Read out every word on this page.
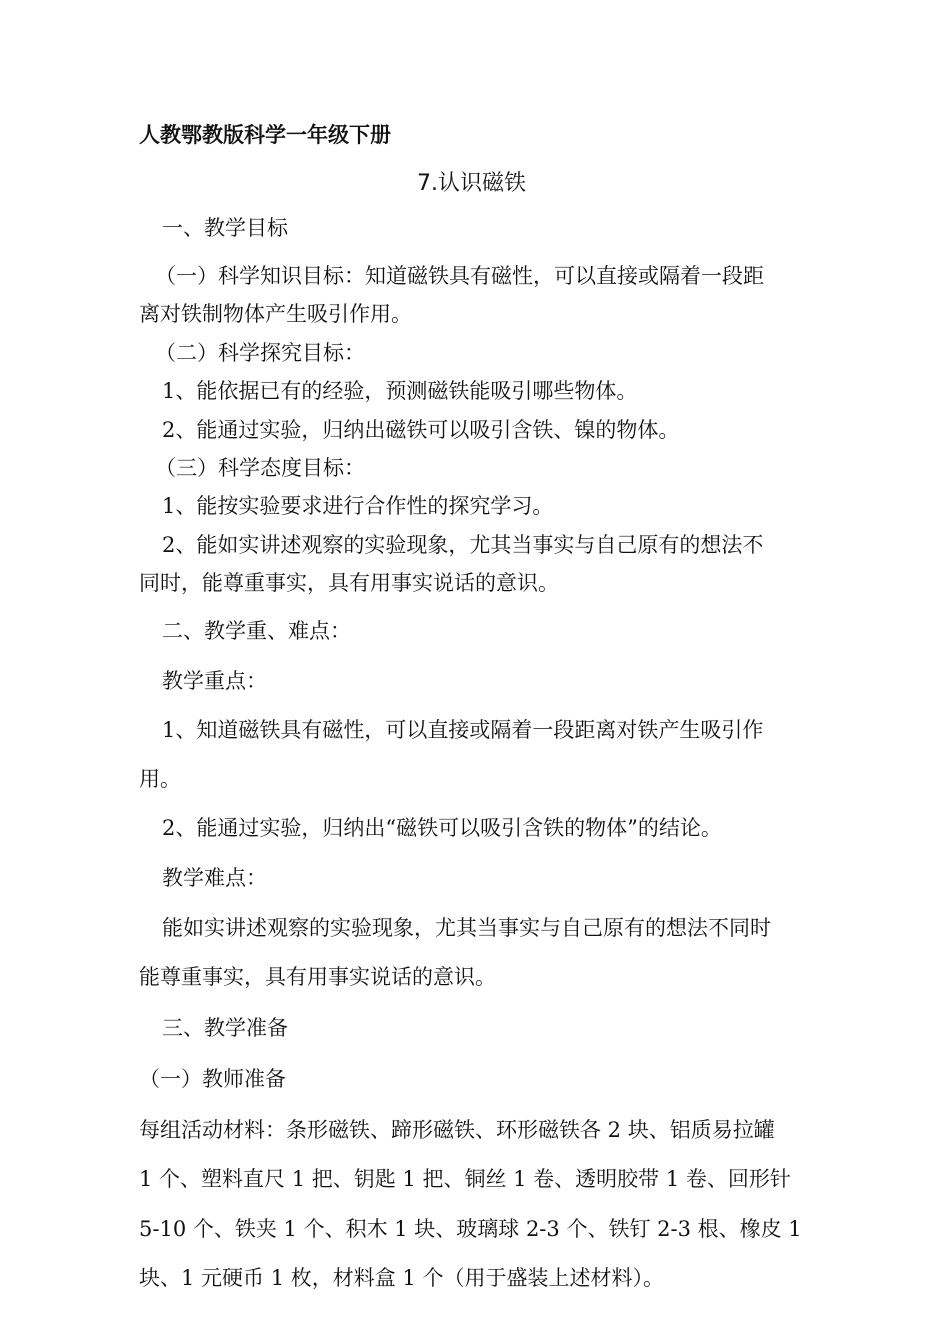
人教鄂教版科学一年级下册
7.认识磁铁
一、教学目标
（一）科学知识目标：知道磁铁具有磁性，可以直接或隔着一段距
离对铁制物体产生吸引作用。
（二）科学探究目标：
1、能依据已有的经验，预测磁铁能吸引哪些物体。
2、能通过实验，归纳出磁铁可以吸引含铁、镍的物体。
（三）科学态度目标：
1、能按实验要求进行合作性的探究学习。
2、能如实讲述观察的实验现象，尤其当事实与自己原有的想法不
同时，能尊重事实，具有用事实说话的意识。
二、教学重、难点：
教学重点：
1、知道磁铁具有磁性，可以直接或隔着一段距离对铁产生吸引作
用。
2、能通过实验，归纳出“磁铁可以吸引含铁的物体”的结论。
教学难点：
能如实讲述观察的实验现象，尤其当事实与自己原有的想法不同时
能尊重事实，具有用事实说话的意识。
三、教学准备
（一）教师准备
每组活动材料：条形磁铁、蹄形磁铁、环形磁铁各 2 块、铝质易拉罐
1 个、塑料直尺 1 把、钥匙 1 把、铜丝 1 卷、透明胶带 1 卷、回形针
5-10 个、铁夹 1 个、积木 1 块、玻璃球 2-3 个、铁钉 2-3 根、橡皮 1
块、1 元硬币 1 枚，材料盒 1 个（用于盛装上述材料）。
